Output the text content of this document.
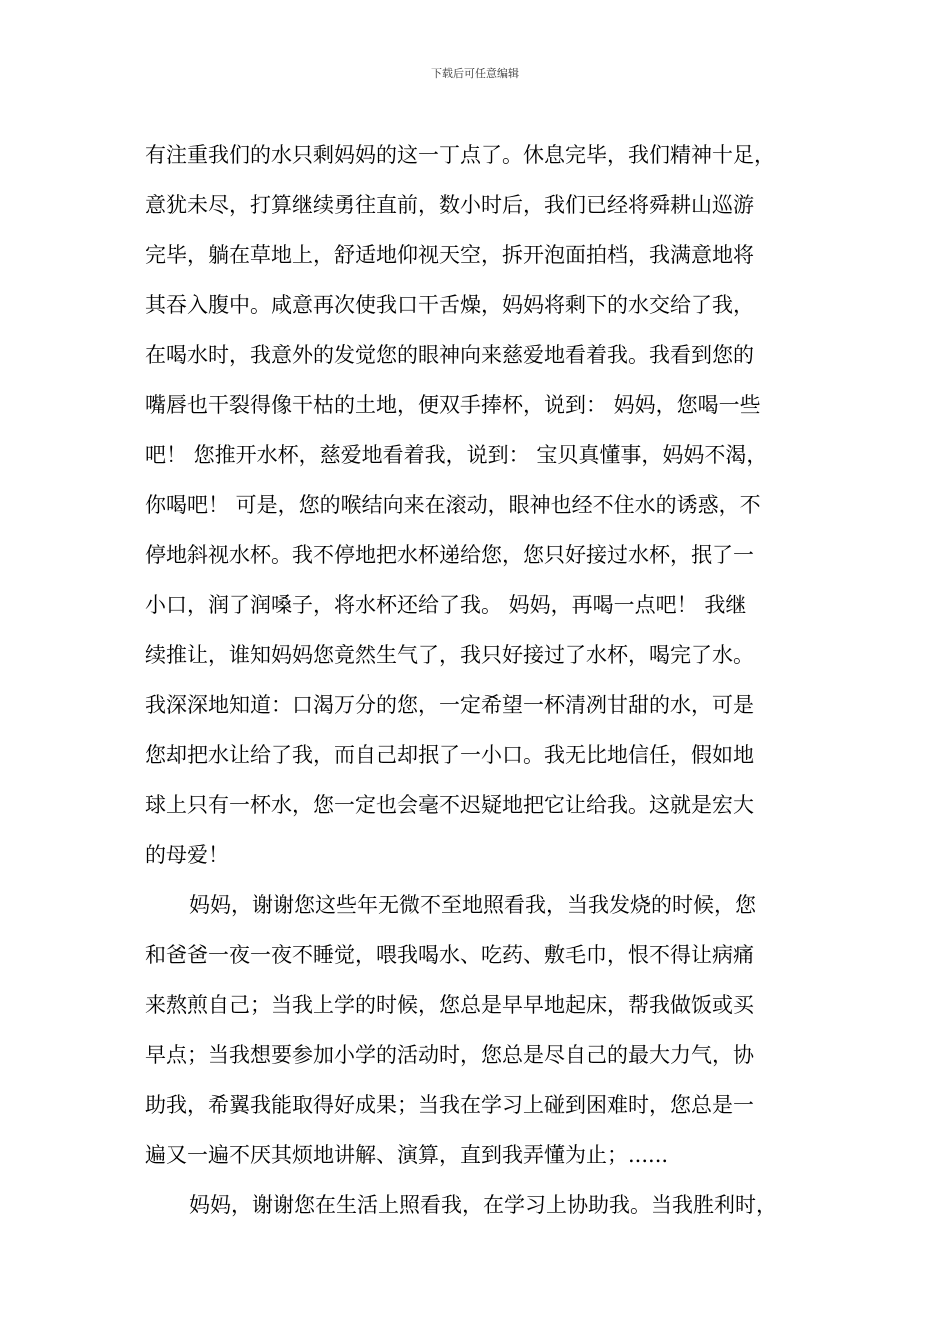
下载后可任意编辑
有注重我们的水只剩妈妈的这一丁点了。休息完毕，我们精神十足，
意犹未尽，打算继续勇往直前，数小时后，我们已经将舜耕山巡游
完毕，躺在草地上，舒适地仰视天空，拆开泡面拍档，我满意地将
其吞入腹中。咸意再次使我口干舌燥，妈妈将剩下的水交给了我，
在喝水时，我意外的发觉您的眼神向来慈爱地看着我。我看到您的
嘴唇也干裂得像干枯的土地，便双手捧杯，说到： 妈妈，您喝一些
吧！ 您推开水杯，慈爱地看着我，说到： 宝贝真懂事，妈妈不渴，
你喝吧！ 可是，您的喉结向来在滚动，眼神也经不住水的诱惑，不
停地斜视水杯。我不停地把水杯递给您，您只好接过水杯，抿了一
小口，润了润嗓子，将水杯还给了我。 妈妈，再喝一点吧！ 我继
续推让，谁知妈妈您竟然生气了，我只好接过了水杯，喝完了水。
我深深地知道：口渴万分的您，一定希望一杯清冽甘甜的水，可是
您却把水让给了我，而自己却抿了一小口。我无比地信任，假如地
球上只有一杯水，您一定也会毫不迟疑地把它让给我。这就是宏大
的母爱！
妈妈，谢谢您这些年无微不至地照看我，当我发烧的时候，您
和爸爸一夜一夜不睡觉，喂我喝水、吃药、敷毛巾，恨不得让病痛
来熬煎自己；当我上学的时候，您总是早早地起床，帮我做饭或买
早点；当我想要参加小学的活动时，您总是尽自己的最大力气，协
助我，希翼我能取得好成果；当我在学习上碰到困难时，您总是一
遍又一遍不厌其烦地讲解、演算，直到我弄懂为止；......
妈妈，谢谢您在生活上照看我，在学习上协助我。当我胜利时，
